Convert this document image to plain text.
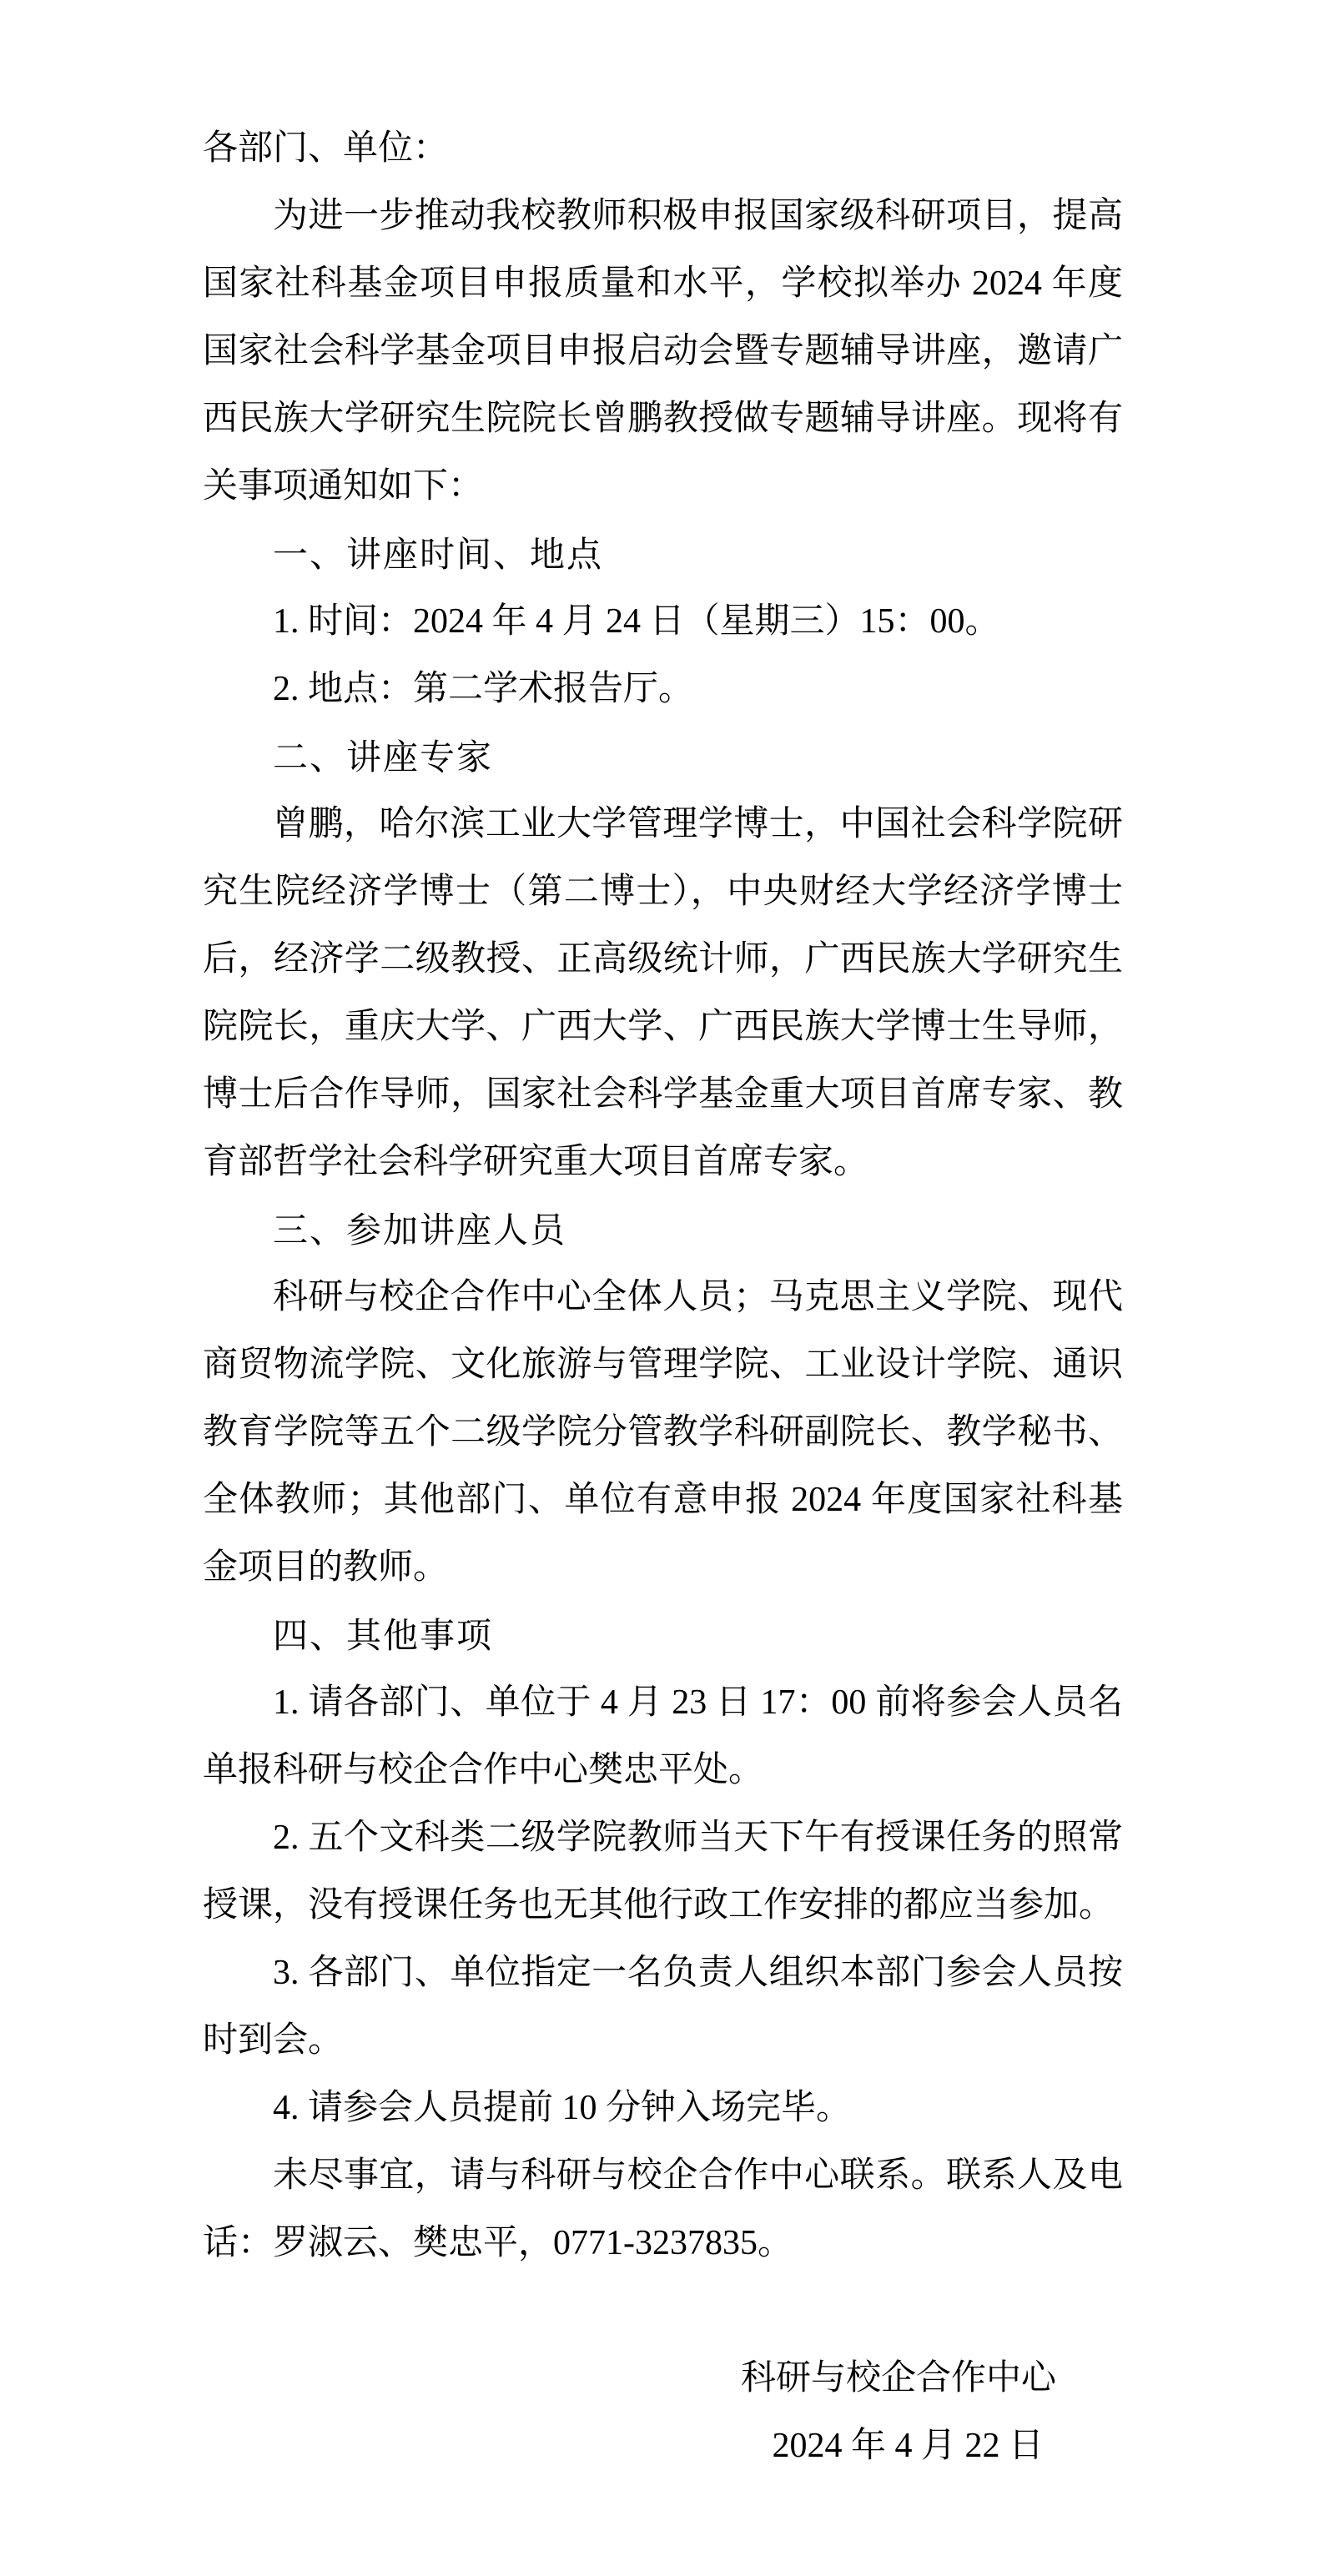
各部门、单位：

为进一步推动我校教师积极申报国家级科研项目，提高国家社科基金项目申报质量和水平，学校拟举办 2024 年度国家社会科学基金项目申报启动会暨专题辅导讲座，邀请广西民族大学研究生院院长曾鹏教授做专题辅导讲座。现将有关事项通知如下：

一、讲座时间、地点

1. 时间：2024 年 4 月 24 日（星期三）15：00。

2. 地点：第二学术报告厅。

二、讲座专家

曾鹏，哈尔滨工业大学管理学博士，中国社会科学院研究生院经济学博士（第二博士），中央财经大学经济学博士后，经济学二级教授、正高级统计师，广西民族大学研究生院院长，重庆大学、广西大学、广西民族大学博士生导师，博士后合作导师，国家社会科学基金重大项目首席专家、教育部哲学社会科学研究重大项目首席专家。

三、参加讲座人员

科研与校企合作中心全体人员；马克思主义学院、现代商贸物流学院、文化旅游与管理学院、工业设计学院、通识教育学院等五个二级学院分管教学科研副院长、教学秘书、全体教师；其他部门、单位有意申报 2024 年度国家社科基金项目的教师。

四、其他事项

1. 请各部门、单位于 4 月 23 日 17：00 前将参会人员名单报科研与校企合作中心樊忠平处。

2. 五个文科类二级学院教师当天下午有授课任务的照常授课，没有授课任务也无其他行政工作安排的都应当参加。

3. 各部门、单位指定一名负责人组织本部门参会人员按时到会。

4. 请参会人员提前 10 分钟入场完毕。

未尽事宜，请与科研与校企合作中心联系。联系人及电话：罗淑云、樊忠平，0771-3237835。

科研与校企合作中心

2024 年 4 月 22 日
